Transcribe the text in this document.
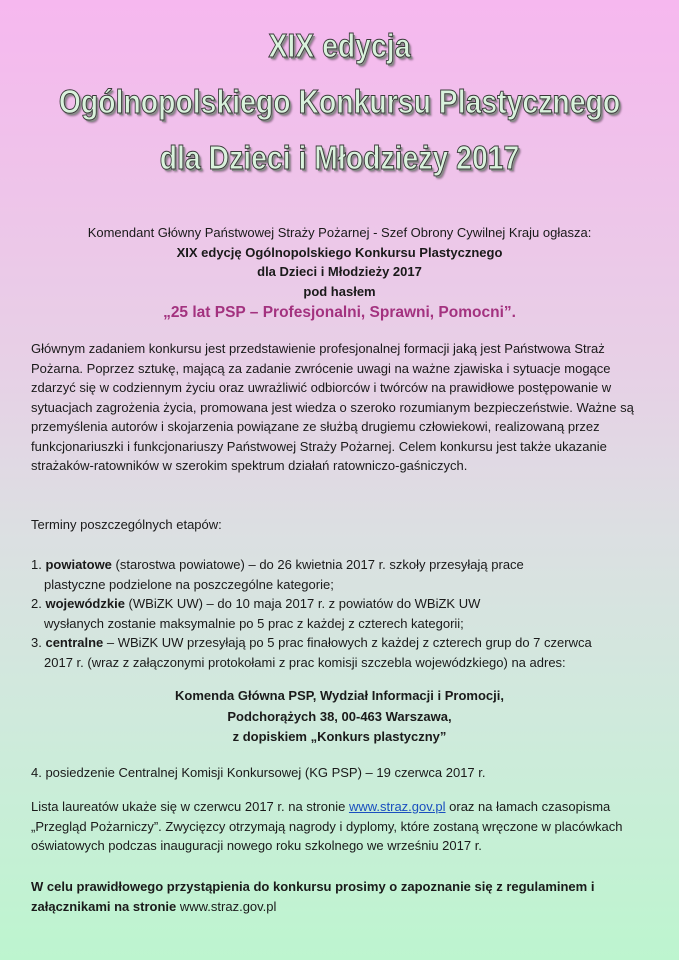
XIX edycja
Ogólnopolskiego Konkursu Plastycznego
dla Dzieci i Młodzieży 2017
Komendant Główny Państwowej Straży Pożarnej - Szef Obrony Cywilnej Kraju ogłasza:
XIX edycję Ogólnopolskiego Konkursu Plastycznego
dla Dzieci i Młodzieży 2017
pod hasłem
„25 lat PSP – Profesjonalni, Sprawni, Pomocni”.
Głównym zadaniem konkursu jest przedstawienie profesjonalnej formacji jaką jest Państwowa Straż Pożarna. Poprzez sztukę, mającą za zadanie zwrócenie uwagi na ważne zjawiska i sytuacje mogące zdarzyć się w codziennym życiu oraz uwrażliwić odbiorców i twórców na prawidłowe postępowanie w sytuacjach zagrożenia życia, promowana jest wiedza o szeroko rozumianym bezpieczeństwie. Ważne są przemyślenia autorów i skojarzenia powiązane ze służbą drugiemu człowiekowi, realizowaną przez funkcjonariuszki i funkcjonariuszy Państwowej Straży Pożarnej. Celem konkursu jest także ukazanie strażaków-ratowników w szerokim spektrum działań ratowniczo-gaśniczych.
Terminy poszczególnych etapów:
1. powiatowe (starostwa powiatowe) – do 26 kwietnia 2017 r. szkoły przesyłają prace
plastyczne podzielone na poszczególne kategorie;
2. wojewódzkie (WBiZK UW) – do 10 maja 2017 r. z powiatów do WBiZK UW
wysłanych zostanie maksymalnie po 5 prac z każdej z czterech kategorii;
3. centralne – WBiZK UW przesyłają po 5 prac finałowych z każdej z czterech grup do 7 czerwca
2017 r. (wraz z załączonymi protokołami z prac komisji szczebla wojewódzkiego) na adres:
Komenda Główna PSP, Wydział Informacji i Promocji,
Podchorążych 38, 00-463 Warszawa,
z dopiskiem „Konkurs plastyczny”
4. posiedzenie Centralnej Komisji Konkursowej (KG PSP) – 19 czerwca 2017 r.
Lista laureatów ukaże się w czerwcu 2017 r. na stronie www.straz.gov.pl oraz na łamach czasopisma „Przegląd Pożarniczy”. Zwycięzcy otrzymają nagrody i dyplomy, które zostaną wręczone w placówkach oświatowych podczas inauguracji nowego roku szkolnego we wrześniu 2017 r.
W celu prawidłowego przystąpienia do konkursu prosimy o zapoznanie się z regulaminem i załącznikami na stronie www.straz.gov.pl
